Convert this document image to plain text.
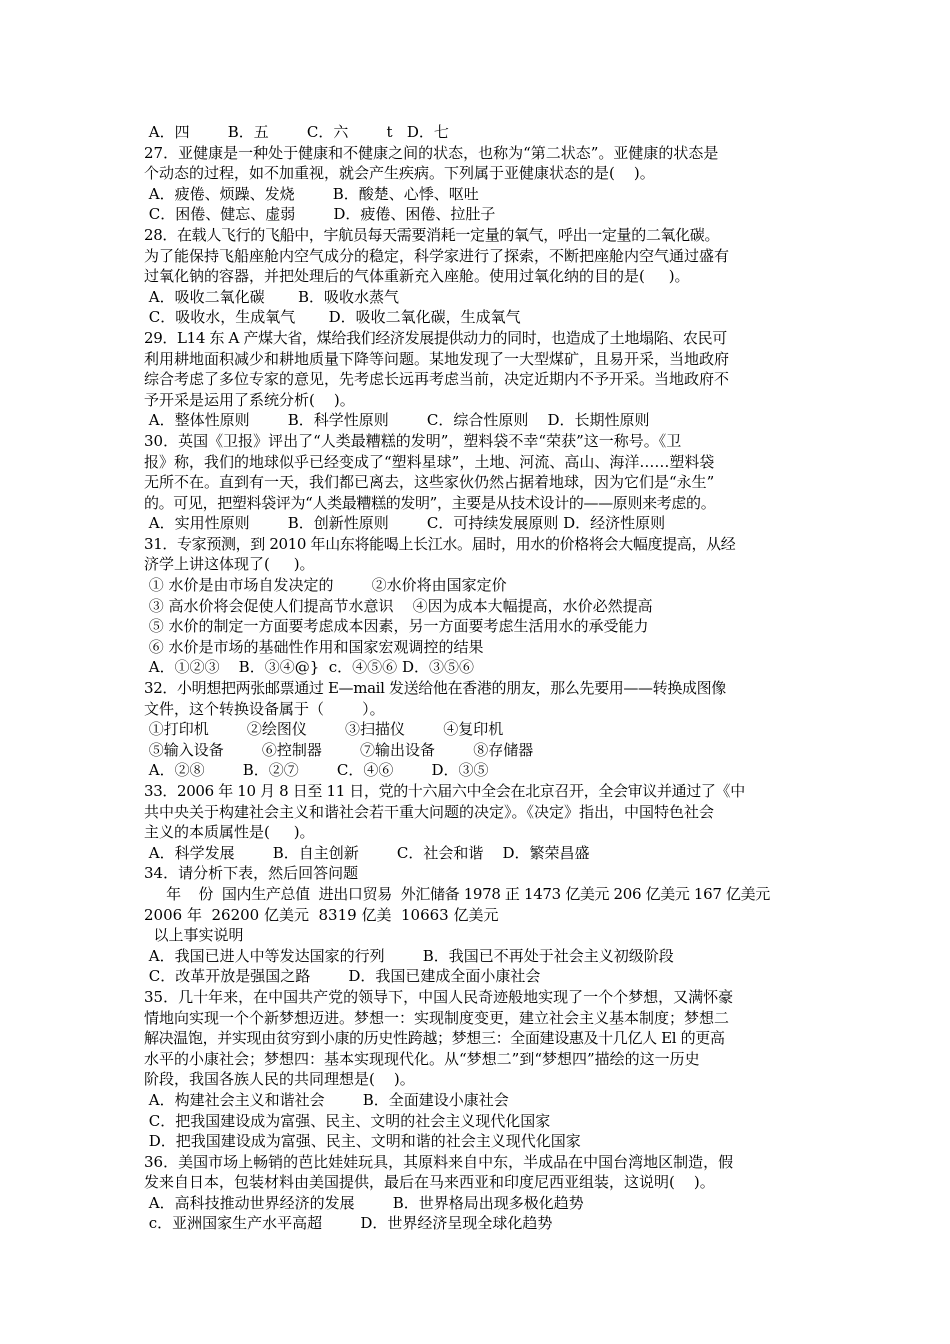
A．四        B．五        C．六        t   D．七
27．亚健康是一种处于健康和不健康之间的状态，也称为“第二状态”。亚健康的状态是
个动态的过程，如不加重视，就会产生疾病。下列属于亚健康状态的是(    )。
A．疲倦、烦躁、发烧        B．酸楚、心悸、呕吐
C．困倦、健忘、虚弱        D．疲倦、困倦、拉肚子
28．在载人飞行的飞船中，宇航员每天需要消耗一定量的氧气，呼出一定量的二氧化碳。
为了能保持飞船座舱内空气成分的稳定，科学家进行了探索，不断把座舱内空气通过盛有
过氧化钠的容器，并把处理后的气体重新充入座舱。使用过氧化纳的目的是(     )。
A．吸收二氧化碳       B．吸收水蒸气
C．吸收水，生成氧气       D．吸收二氧化碳，生成氧气
29．L14 东 A 产煤大省，煤给我们经济发展提供动力的同时，也造成了土地塌陷、农民可
利用耕地面积减少和耕地质量下降等问题。某地发现了一大型煤矿，且易开采，当地政府
综合考虑了多位专家的意见，先考虑长远再考虑当前，决定近期内不予开采。当地政府不
予开采是运用了系统分析(    )。
A．整体性原则        B．科学性原则        C．综合性原则    D．长期性原则
30．英国《卫报》评出了“人类最糟糕的发明”，塑料袋不幸“荣获”这一称号。《卫
报》称，我们的地球似乎已经变成了“塑料星球”，土地、河流、高山、海洋……塑料袋
无所不在。直到有一天，我们都已离去，这些家伙仍然占据着地球，因为它们是“永生”
的。可见，把塑料袋评为“人类最糟糕的发明”，主要是从技术设计的——原则来考虑的。
A．实用性原则        B．创新性原则        C．可持续发展原则 D．经济性原则
31．专家预测，到 2010 年山东将能喝上长江水。届时，用水的价格将会大幅度提高，从经
济学上讲这体现了(     )。
① 水价是由市场自发决定的        ②水价将由国家定价
③ 高水价将会促使人们提高节水意识    ④因为成本大幅提高，水价必然提高
⑤ 水价的制定一方面要考虑成本因素，另一方面要考虑生活用水的承受能力
⑥ 水价是市场的基础性作用和国家宏观调控的结果
A．①②③    B．③④@}  c．④⑤⑥ D．③⑤⑥
32．小明想把两张邮票通过 E—mail 发送给他在香港的朋友，那么先要用——转换成图像
文件，这个转换设备属于（        ）。
①打印机        ②绘图仪        ③扫描仪        ④复印机
⑤输入设备        ⑥控制器        ⑦输出设备        ⑧存储器
A．②⑧        B．②⑦        C．④⑥        D．③⑤
33．2006 年 10 月 8 日至 11 日，党的十六届六中全会在北京召开，全会审议并通过了《中
共中央关于构建社会主义和谐社会若干重大问题的决定》。《决定》指出，中国特色社会
主义的本质属性是(     )。
A．科学发展        B．自主创新        C．社会和谐    D．繁荣昌盛
34．请分析下表，然后回答问题
年    份  国内生产总值  进出口贸易  外汇储备 1978 正 1473 亿美元 206 亿美元 167 亿美元
2006 年  26200 亿美元  8319 亿美  10663 亿美元
以上事实说明
A．我国已进人中等发达国家的行列        B．我国已不再处于社会主义初级阶段
C．改革开放是强国之路        D．我国已建成全面小康社会
35．几十年来，在中国共产党的领导下，中国人民奇迹般地实现了一个个梦想，又满怀豪
情地向实现一个个新梦想迈进。梦想一：实现制度变更，建立社会主义基本制度；梦想二
解决温饱，并实现由贫穷到小康的历史性跨越；梦想三：全面建设惠及十几亿人 El 的更高
水平的小康社会；梦想四：基本实现现代化。从“梦想二”到“梦想四”描绘的这一历史
阶段，我国各族人民的共同理想是(    )。
A．构建社会主义和谐社会        B．全面建设小康社会
C．把我国建设成为富强、民主、文明的社会主义现代化国家
D．把我国建设成为富强、民主、文明和谐的社会主义现代化国家
36．美国市场上畅销的芭比娃娃玩具，其原料来自中东，半成品在中国台湾地区制造，假
发来自日本，包装材料由美国提供，最后在马来西亚和印度尼西亚组装，这说明(    )。
A．高科技推动世界经济的发展        B．世界格局出现多极化趋势
c．亚洲国家生产水平高超        D．世界经济呈现全球化趋势
